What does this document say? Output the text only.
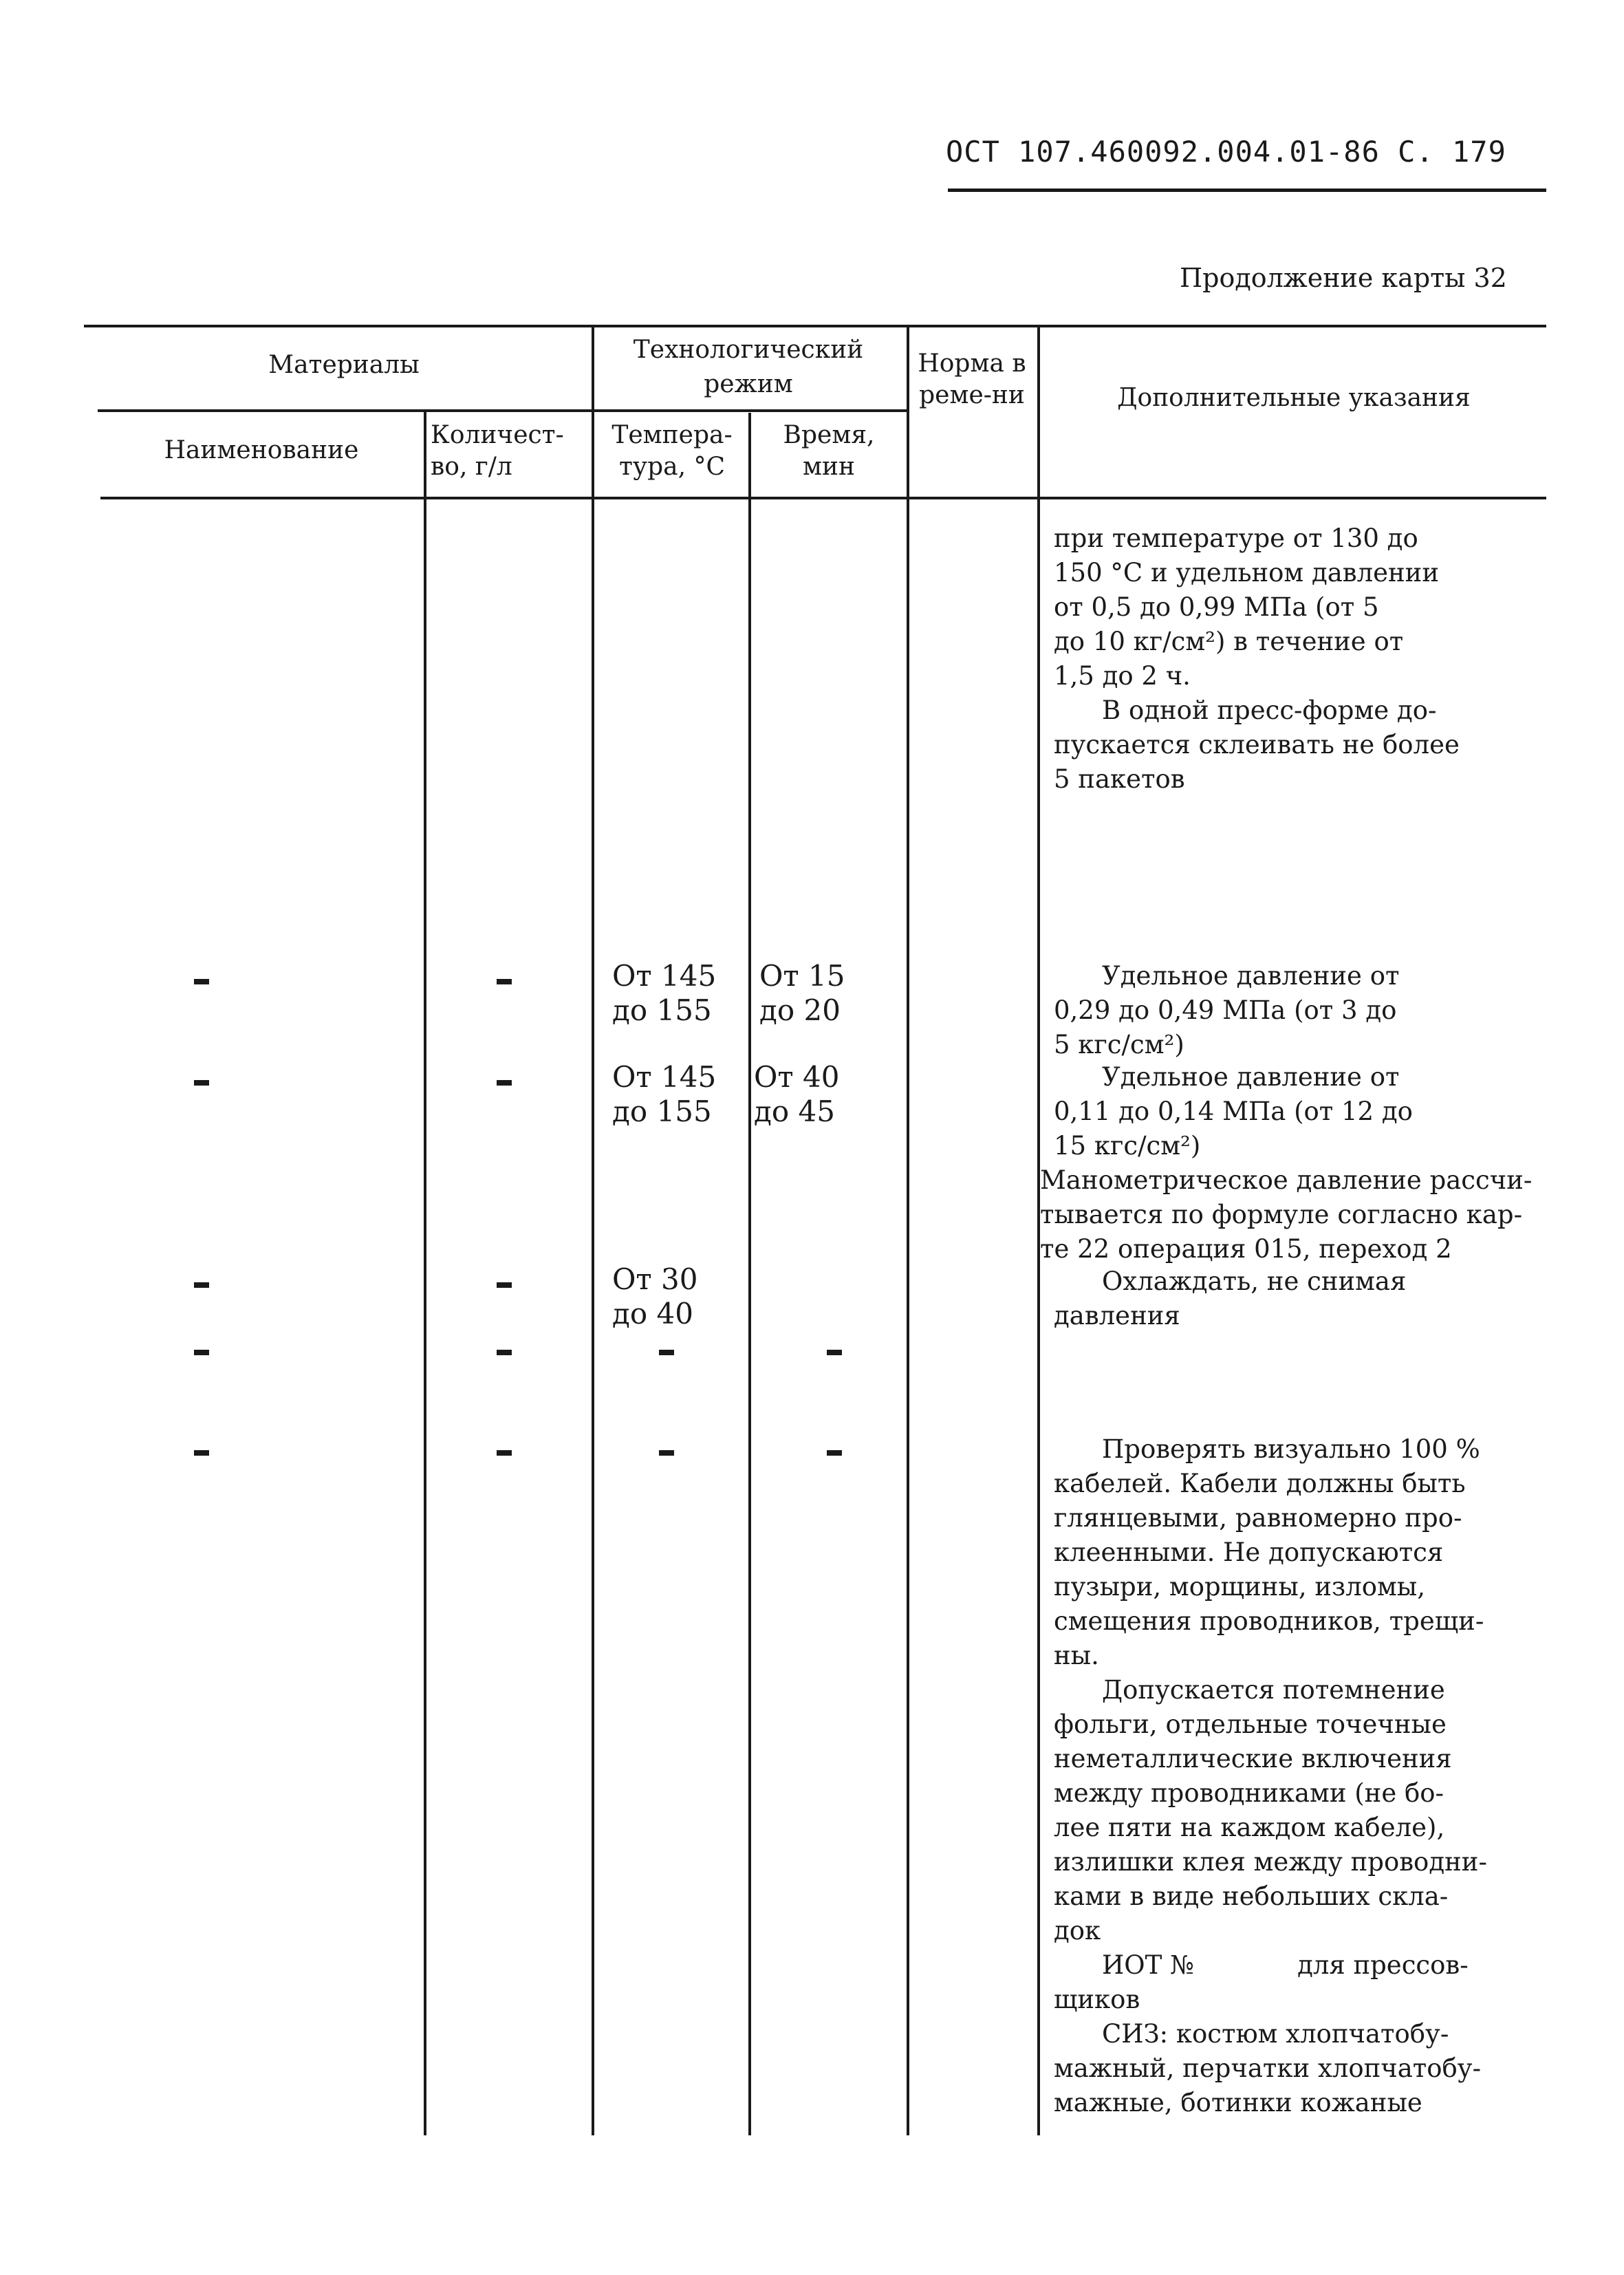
ОСТ 107.460092.004.01-86 С. 179
Продолжение карты 32
Материалы
Технологический режим
Норма време-ни	Дополнительные указания
Наименование
Количест-во, г/л
Темпера-тура, °С
Время, мин

при температуре от 130 до

150 °С и удельном давлении

от 0,5 до 0,99 МПа (от 5

до 10 кг/см²) в течение от

1,5 до 2 ч.

В одной пресс-форме до-

пускается склеивать не более

5 пакетов

От 145

до 155

От 15

до 20

Удельное давление от

0,29 до 0,49 МПа (от 3 до

5 кгс/см²)

От 145

до 155

От 40

до 45

Удельное давление от

0,11 до 0,14 МПа (от 12 до

15 кгс/см²)

Манометрическое давление рассчи-

тывается по формуле согласно кар-

те 22 операция 015, переход 2

От 30

до 40

Охлаждать, не снимая

давления

Проверять визуально 100 %

кабелей. Кабели должны быть

глянцевыми, равномерно про-

клеенными. Не допускаются

пузыри, морщины, изломы,

смещения проводников, трещи-

ны.

Допускается потемнение

фольги, отдельные точечные

неметаллические включения

между проводниками (не бо-

лее пяти на каждом кабеле),

излишки клея между проводни-

ками в виде небольших скла-

док

ИОТ №	для прессов-

щиков

СИЗ: костюм хлопчатобу-

мажный, перчатки хлопчатобу-

мажные, ботинки кожаные
